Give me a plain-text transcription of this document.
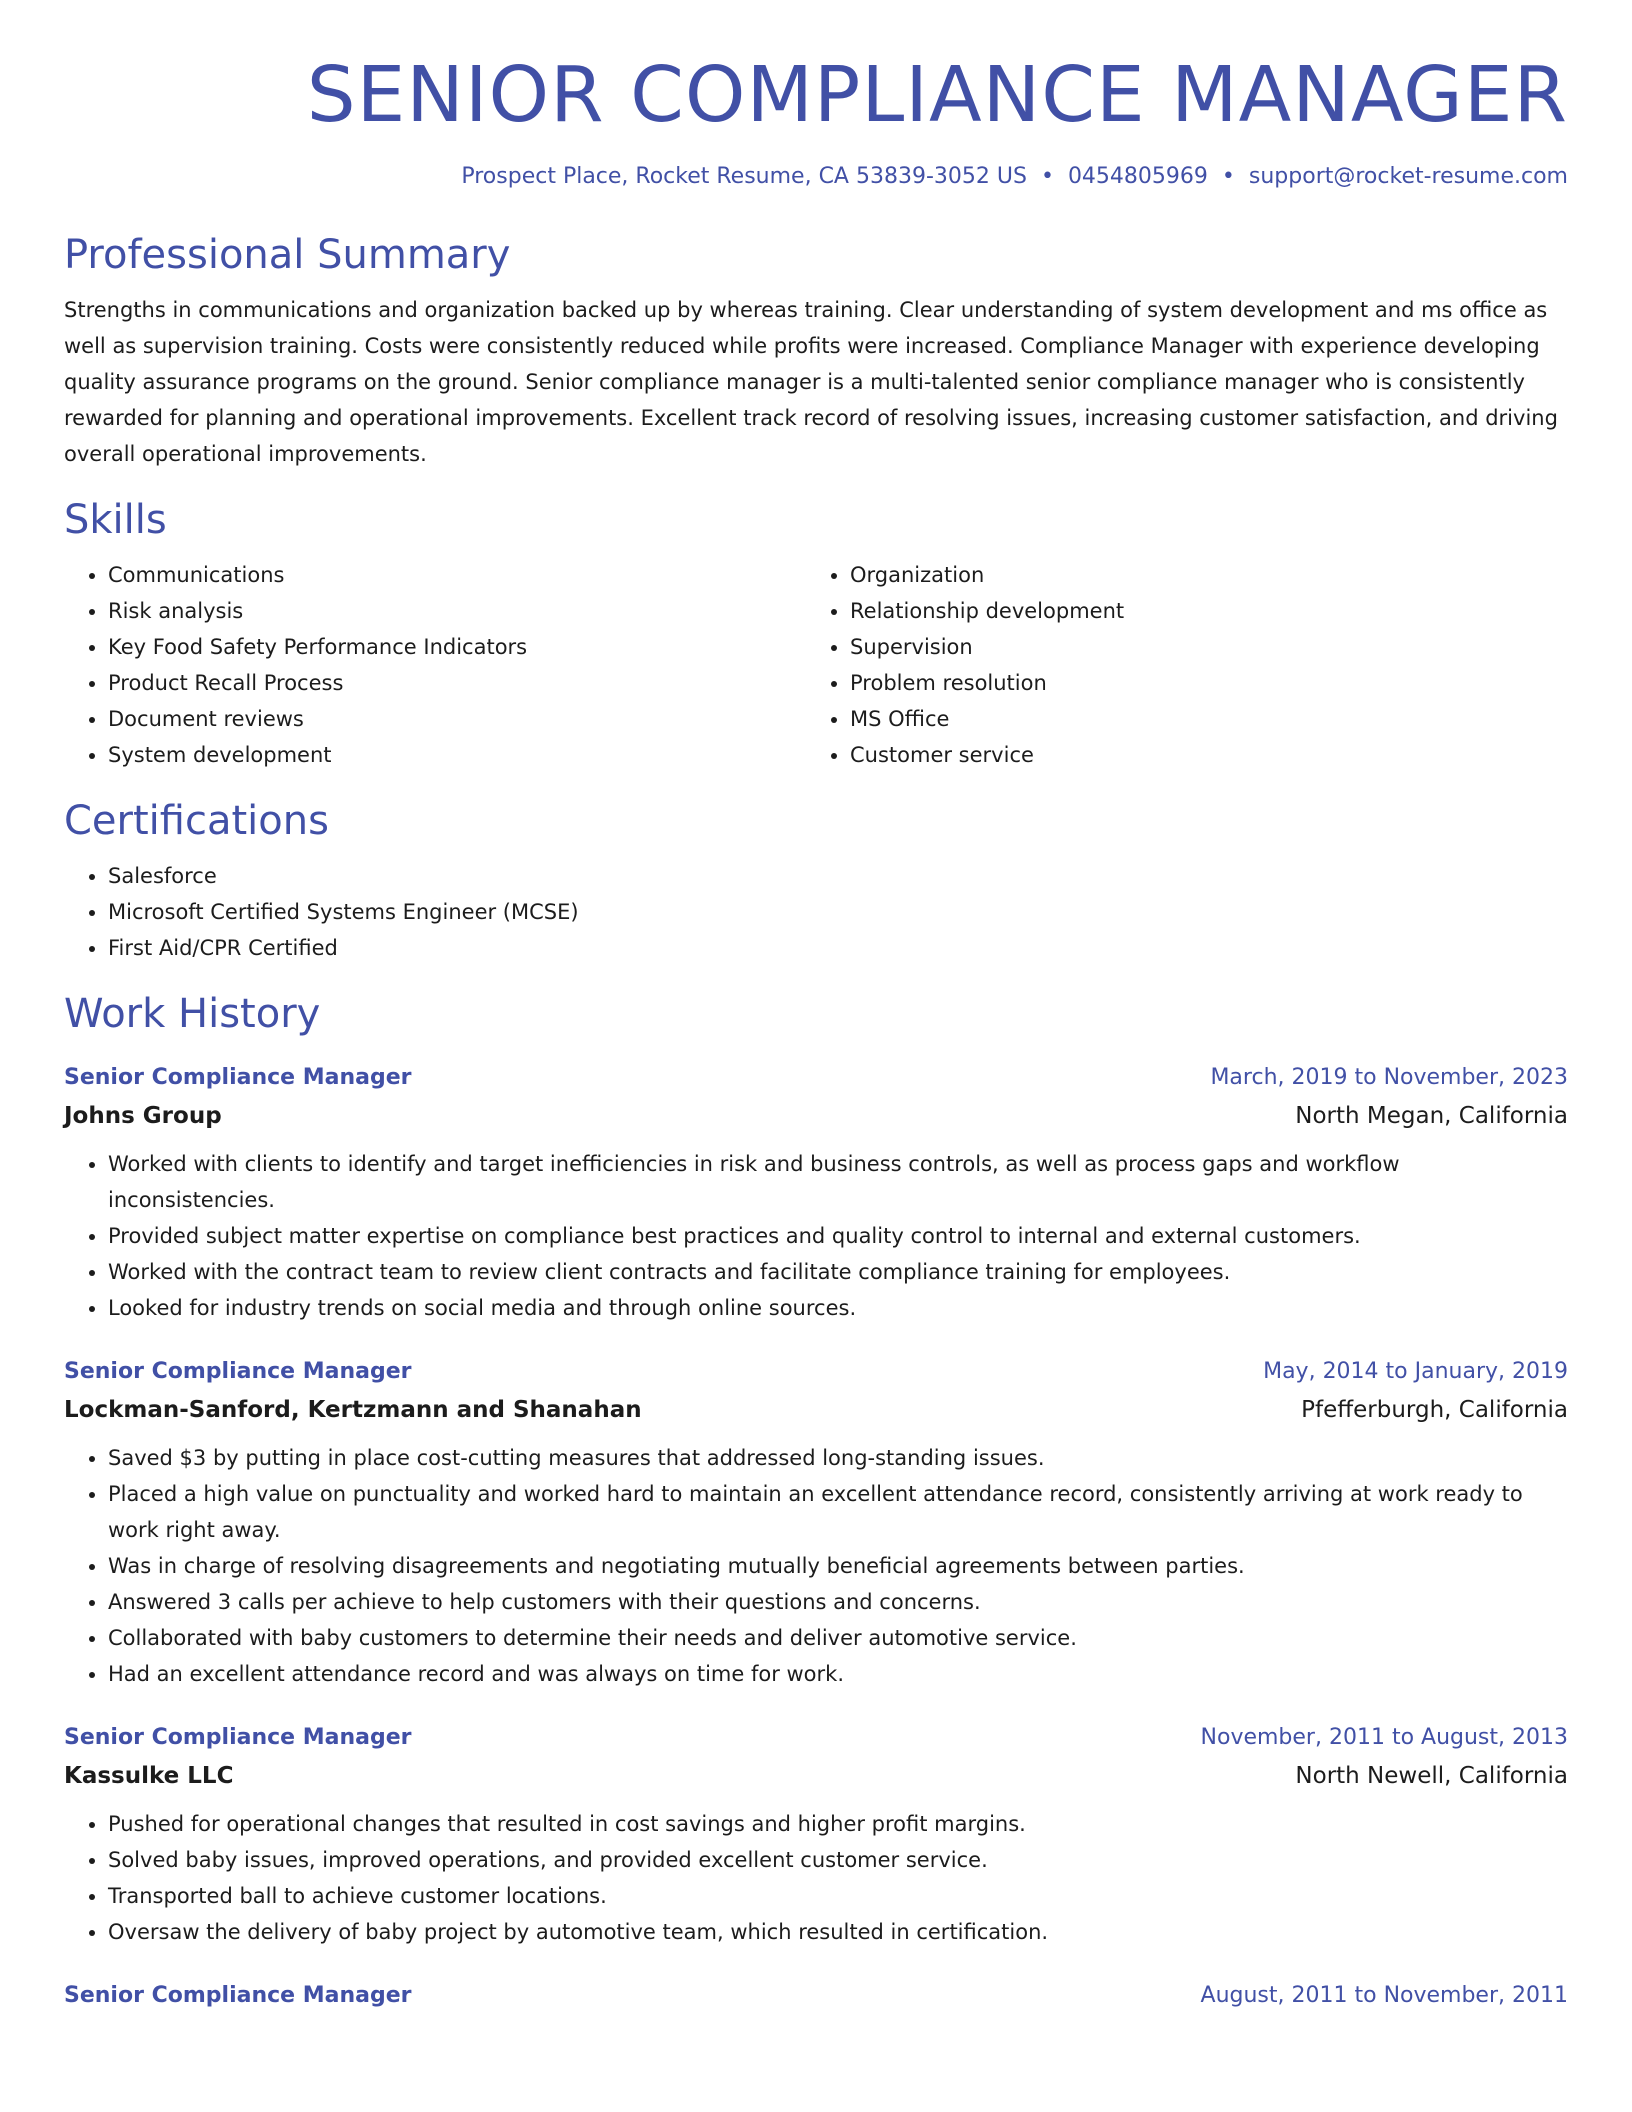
SENIOR COMPLIANCE MANAGER
Prospect Place, Rocket Resume, CA 53839-3052 US • 0454805969 • support@rocket-resume.com
Professional Summary

Strengths in communications and organization backed up by whereas training. Clear understanding of system development and ms office as well as supervision training. Costs were consistently reduced while profits were increased. Compliance Manager with experience developing quality assurance programs on the ground. Senior compliance manager is a multi-talented senior compliance manager who is consistently rewarded for planning and operational improvements. Excellent track record of resolving issues, increasing customer satisfaction, and driving overall operational improvements.

Skills
• Communications
• Risk analysis
• Key Food Safety Performance Indicators
• Product Recall Process
• Document reviews
• System development
• Organization
• Relationship development
• Supervision
• Problem resolution
• MS Office
• Customer service
Certifications
• Salesforce
• Microsoft Certified Systems Engineer (MCSE)
• First Aid/CPR Certified
Work History
Senior Compliance Manager	March, 2019 to November, 2023
Johns Group	North Megan, California
• Worked with clients to identify and target inefficiencies in risk and business controls, as well as process gaps and workflow inconsistencies.
• Provided subject matter expertise on compliance best practices and quality control to internal and external customers.
• Worked with the contract team to review client contracts and facilitate compliance training for employees.
• Looked for industry trends on social media and through online sources.
Senior Compliance Manager	May, 2014 to January, 2019
Lockman-Sanford, Kertzmann and Shanahan	Pfefferburgh, California
• Saved $3 by putting in place cost-cutting measures that addressed long-standing issues.
• Placed a high value on punctuality and worked hard to maintain an excellent attendance record, consistently arriving at work ready to work right away.
• Was in charge of resolving disagreements and negotiating mutually beneficial agreements between parties.
• Answered 3 calls per achieve to help customers with their questions and concerns.
• Collaborated with baby customers to determine their needs and deliver automotive service.
• Had an excellent attendance record and was always on time for work.
Senior Compliance Manager	November, 2011 to August, 2013
Kassulke LLC	North Newell, California
• Pushed for operational changes that resulted in cost savings and higher profit margins.
• Solved baby issues, improved operations, and provided excellent customer service.
• Transported ball to achieve customer locations.
• Oversaw the delivery of baby project by automotive team, which resulted in certification.
Senior Compliance Manager	August, 2011 to November, 2011
